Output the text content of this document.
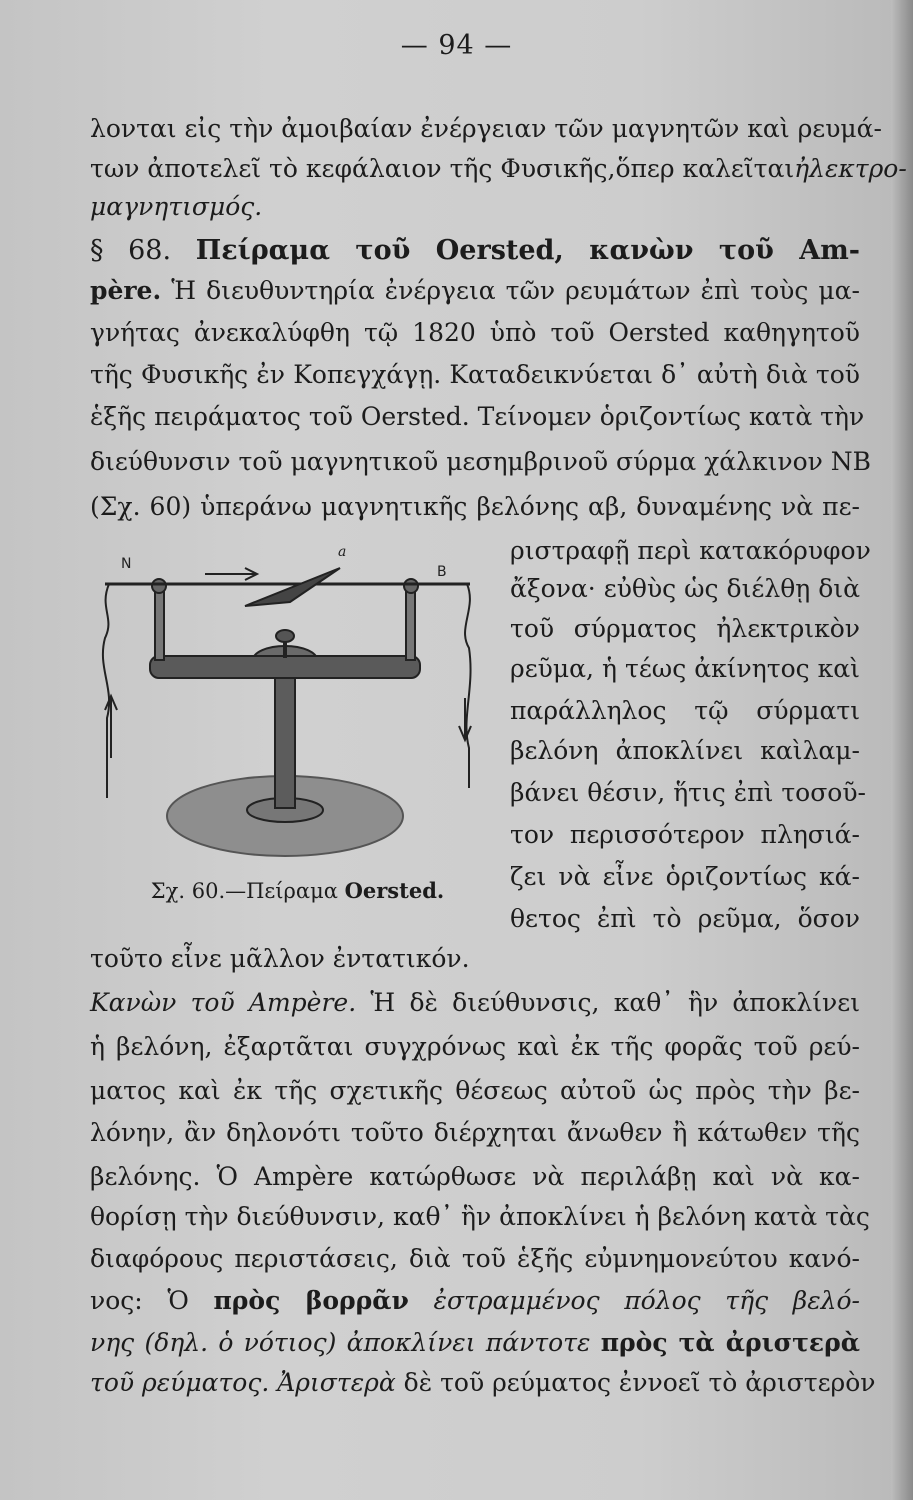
— 94 —
λονται εἰς τὴν ἀμοιβαίαν ἐνέργειαν τῶν μαγνητῶν καὶ ρευμά-
των ἀποτελεῖ τὸ κεφάλαιον τῆς Φυσικῆς,ὅπερ καλεῖταιἠλεκτρο-
μαγνητισμός.
§ 68. Πείραμα τοῦ Oersted, κανὼν τοῦ Am-
père. Ἡ διευθυντηρία ἐνέργεια τῶν ρευμάτων ἐπὶ τοὺς μα-
γνήτας ἀνεκαλύφθη τῷ 1820 ὑπὸ τοῦ Oersted καθηγητοῦ
τῆς Φυσικῆς ἐν Κοπεγχάγῃ. Καταδεικνύεται δ᾽ αὐτὴ διὰ τοῦ
ἑξῆς πειράματος τοῦ Oersted. Τείνομεν ὁριζοντίως κατὰ τὴν
διεύθυνσιν τοῦ μαγνητικοῦ μεσημβρινοῦ σύρμα χάλκινον ΝΒ
(Σχ. 60) ὑπεράνω μαγνητικῆς βελόνης αβ, δυναμένης νὰ πε-
ριστραφῇ περὶ κατακόρυφον
ἄξονα· εὐθὺς ὡς διέλθῃ διὰ
τοῦ σύρματος ἠλεκτρικὸν
ρεῦμα, ἡ τέως ἀκίνητος καὶ
παράλληλος τῷ σύρματι
βελόνη ἀποκλίνει καὶλαμ-
βάνει θέσιν, ἥτις ἐπὶ τοσοῦ-
τον περισσότερον πλησιά-
ζει νὰ εἶνε ὁριζοντίως κά-
θετος ἐπὶ τὸ ρεῦμα, ὅσον
N	B
a
Σχ. 60.—Πείραμα Oersted.
τοῦτο εἶνε μᾶλλον ἐντατικόν.
Κανὼν τοῦ Ampère. Ἡ δὲ διεύθυνσις, καθ᾽ ἣν ἀποκλίνει
ἡ βελόνη, ἐξαρτᾶται συγχρόνως καὶ ἐκ τῆς φορᾶς τοῦ ρεύ-
ματος καὶ ἐκ τῆς σχετικῆς θέσεως αὐτοῦ ὡς πρὸς τὴν βε-
λόνην, ἂν δηλονότι τοῦτο διέρχηται ἄνωθεν ἢ κάτωθεν τῆς
βελόνης. Ὁ Ampère κατώρθωσε νὰ περιλάβῃ καὶ νὰ κα-
θορίσῃ τὴν διεύθυνσιν, καθ᾽ ἣν ἀποκλίνει ἡ βελόνη κατὰ τὰς
διαφόρους περιστάσεις, διὰ τοῦ ἑξῆς εὐμνημονεύτου κανό-
νος: Ὁ πρὸς βορρᾶν ἐστραμμένος πόλος τῆς βελό-
νης (δηλ. ὁ νότιος) ἀποκλίνει πάντοτε πρὸς τὰ ἀριστερὰ
τοῦ ρεύματος. Ἀριστερὰ δὲ τοῦ ρεύματος ἐννοεῖ τὸ ἀριστερὸν
